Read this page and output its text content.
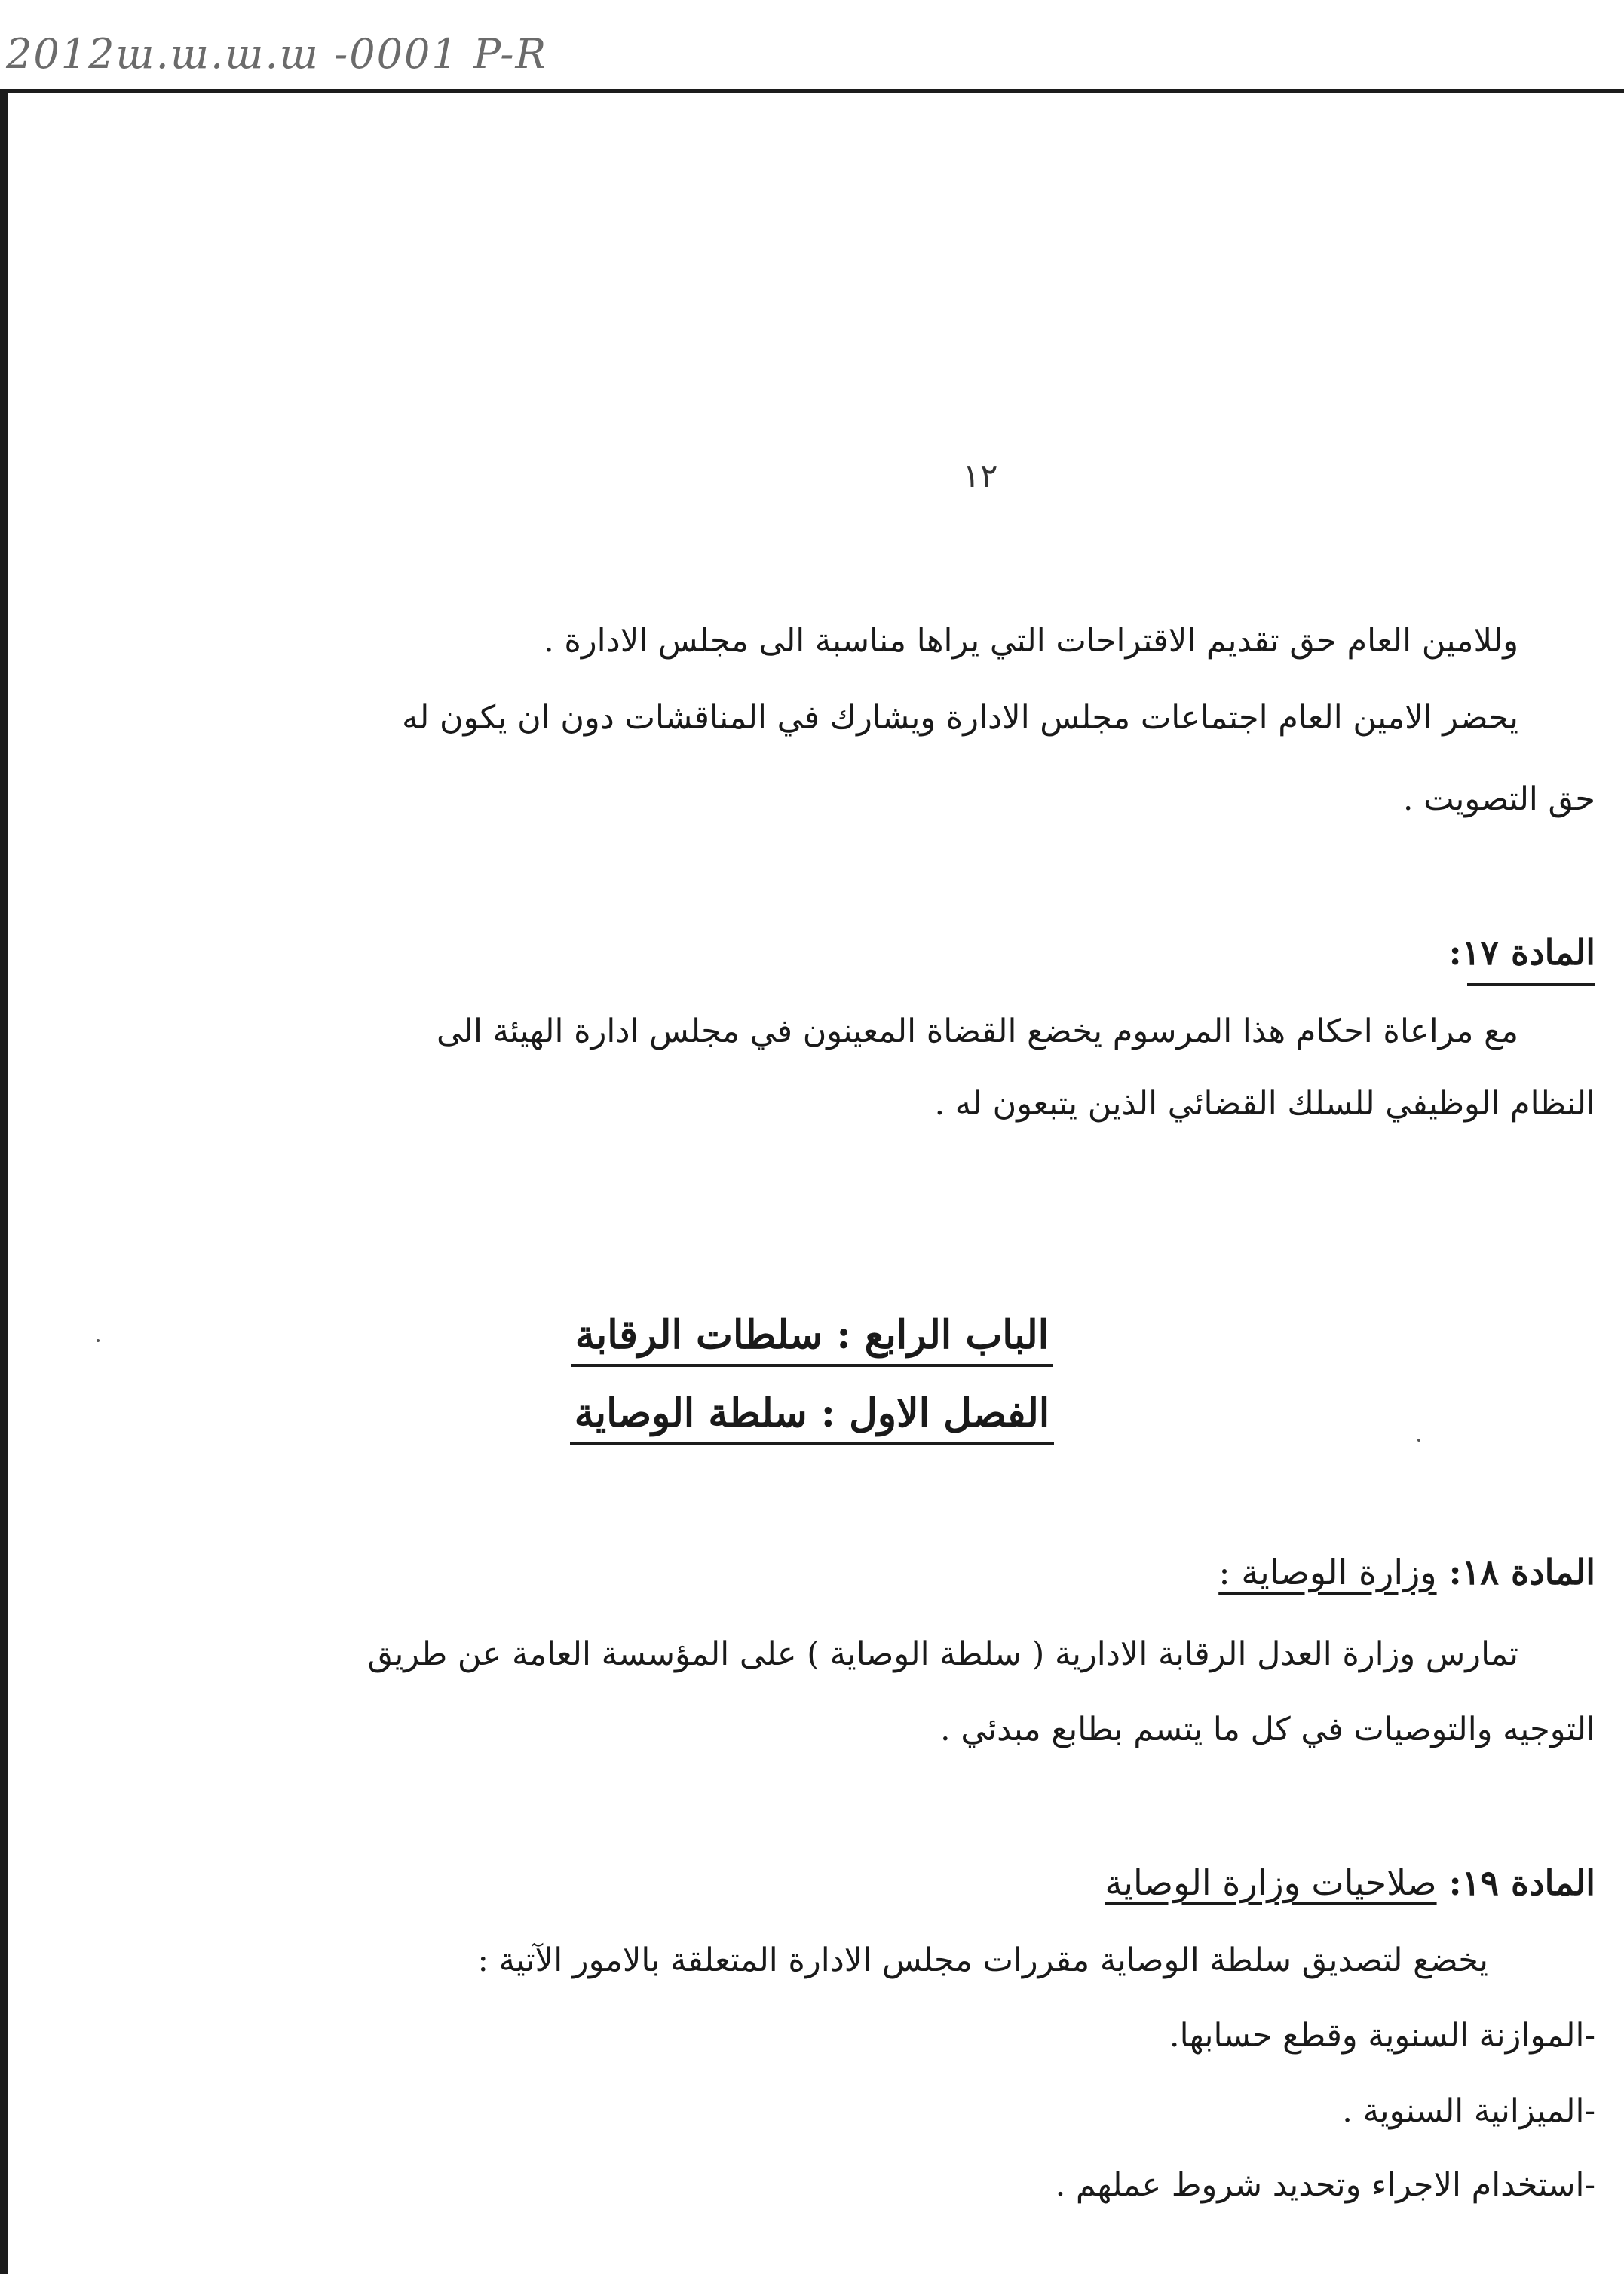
2012ա.ա.ա.ա -0001 P-R
١٢
وللامين العام حق تقديم الاقتراحات التي يراها مناسبة الى مجلس الادارة .
يحضر الامين العام اجتماعات مجلس الادارة ويشارك في المناقشات دون ان يكون له
حق التصويت .
المادة ١٧:
مع مراعاة احكام هذا المرسوم يخضع القضاة المعينون في مجلس ادارة الهيئة الى
النظام الوظيفي للسلك القضائي الذين يتبعون له .
الباب الرابع : سلطات الرقابة
الفصل الاول : سلطة الوصاية
المادة ١٨: وزارة الوصاية :
تمارس وزارة العدل الرقابة الادارية ( سلطة الوصاية ) على المؤسسة العامة عن طريق
التوجيه والتوصيات في كل ما يتسم بطابع مبدئي .
المادة ١٩: صلاحيات وزارة الوصاية
يخضع لتصديق سلطة الوصاية مقررات مجلس الادارة المتعلقة بالامور الآتية :
-الموازنة السنوية وقطع حسابها.
-الميزانية السنوية .
-استخدام الاجراء وتحديد شروط عملهم .
